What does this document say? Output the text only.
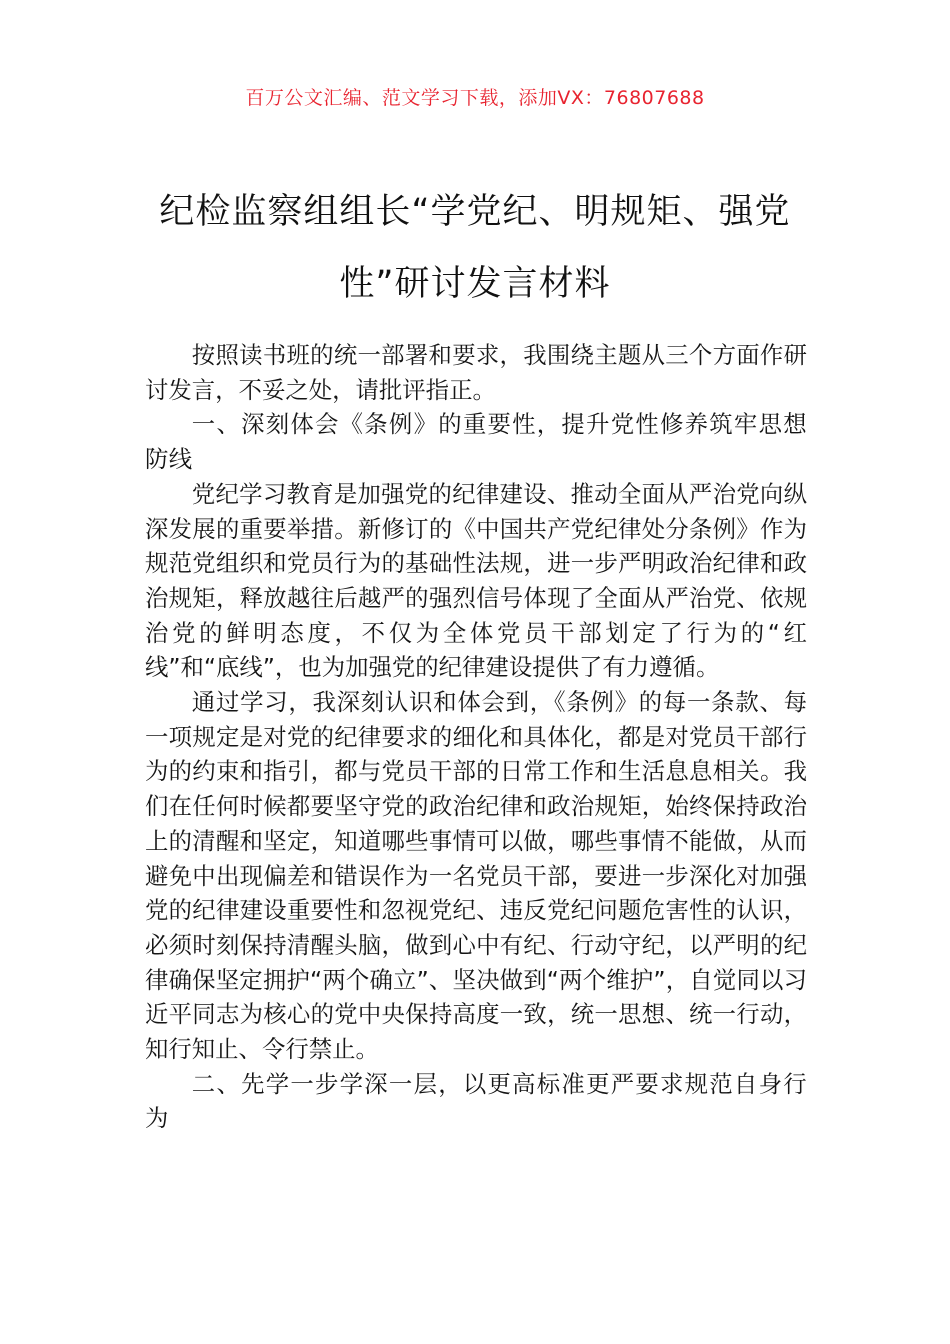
百万公文汇编、范文学习下载，添加VX：76807688
纪检监察组组长“学党纪、明规矩、强党性”研讨发言材料

按照读书班的统一部署和要求，我围绕主题从三个方面作研讨发言，不妥之处，请批评指正。

一、深刻体会《条例》的重要性，提升党性修养筑牢思想防线

党纪学习教育是加强党的纪律建设、推动全面从严治党向纵深发展的重要举措。新修订的《中国共产党纪律处分条例》作为规范党组织和党员行为的基础性法规，进一步严明政治纪律和政治规矩，释放越往后越严的强烈信号体现了全面从严治党、依规治党的鲜明态度，不仅为全体党员干部划定了行为的“红线”和“底线”，也为加强党的纪律建设提供了有力遵循。

通过学习，我深刻认识和体会到，《条例》的每一条款、每一项规定是对党的纪律要求的细化和具体化，都是对党员干部行为的约束和指引，都与党员干部的日常工作和生活息息相关。我们在任何时候都要坚守党的政治纪律和政治规矩，始终保持政治上的清醒和坚定，知道哪些事情可以做，哪些事情不能做，从而避免中出现偏差和错误作为一名党员干部，要进一步深化对加强党的纪律建设重要性和忽视党纪、违反党纪问题危害性的认识，必须时刻保持清醒头脑，做到心中有纪、行动守纪，以严明的纪律确保坚定拥护“两个确立”、坚决做到“两个维护”，自觉同以习近平同志为核心的党中央保持高度一致，统一思想、统一行动，知行知止、令行禁止。

二、先学一步学深一层，以更高标准更严要求规范自身行为
